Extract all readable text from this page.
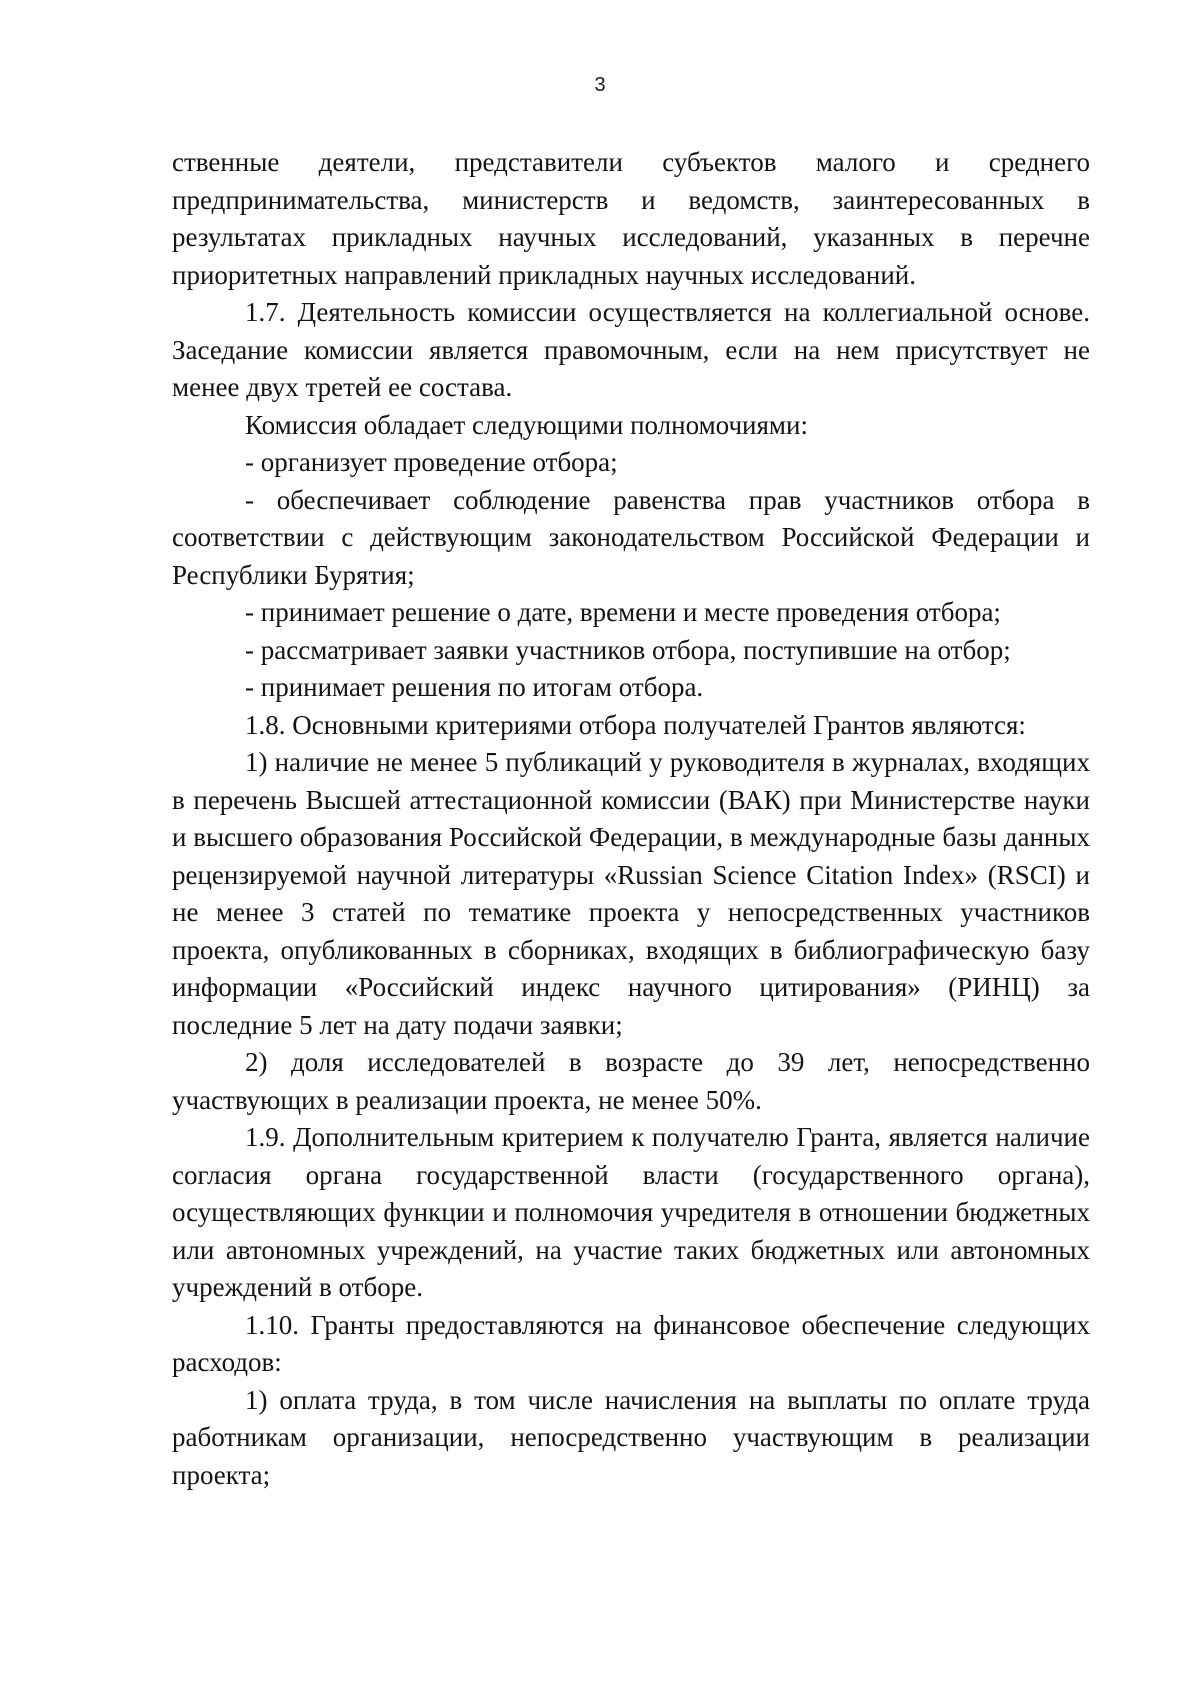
3

ственные деятели, представители субъектов малого и среднего предпринимательства, министерств и ведомств, заинтересованных в результатах прикладных научных исследований, указанных в перечне приоритетных направлений прикладных научных исследований.

1.7. Деятельность комиссии осуществляется на коллегиальной основе. Заседание комиссии является правомочным, если на нем присутствует не менее двух третей ее состава.

Комиссия обладает следующими полномочиями:

- организует проведение отбора;

- обеспечивает соблюдение равенства прав участников отбора в соответствии с действующим законодательством Российской Федерации и Республики Бурятия;

- принимает решение о дате, времени и месте проведения отбора;

- рассматривает заявки участников отбора, поступившие на отбор;

- принимает решения по итогам отбора.

1.8. Основными критериями отбора получателей Грантов являются:

1) наличие не менее 5 публикаций у руководителя в журналах, входящих в перечень Высшей аттестационной комиссии (ВАК) при Министерстве науки и высшего образования Российской Федерации, в международные базы данных рецензируемой научной литературы «Russian Science Citation Index» (RSCI) и не менее 3 статей по тематике проекта у непосредственных участников проекта, опубликованных в сборниках, входящих в библиографическую базу информации «Российский индекс научного цитирования» (РИНЦ) за последние 5 лет на дату подачи заявки;

2) доля исследователей в возрасте до 39 лет, непосредственно участвующих в реализации проекта, не менее 50%.

1.9. Дополнительным критерием к получателю Гранта, является наличие согласия органа государственной власти (государственного органа), осуществляющих функции и полномочия учредителя в отношении бюджетных или автономных учреждений, на участие таких бюджетных или автономных учреждений в отборе.

1.10. Гранты предоставляются на финансовое обеспечение следующих расходов:

1) оплата труда, в том числе начисления на выплаты по оплате труда работникам организации, непосредственно участвующим в реализации проекта;
